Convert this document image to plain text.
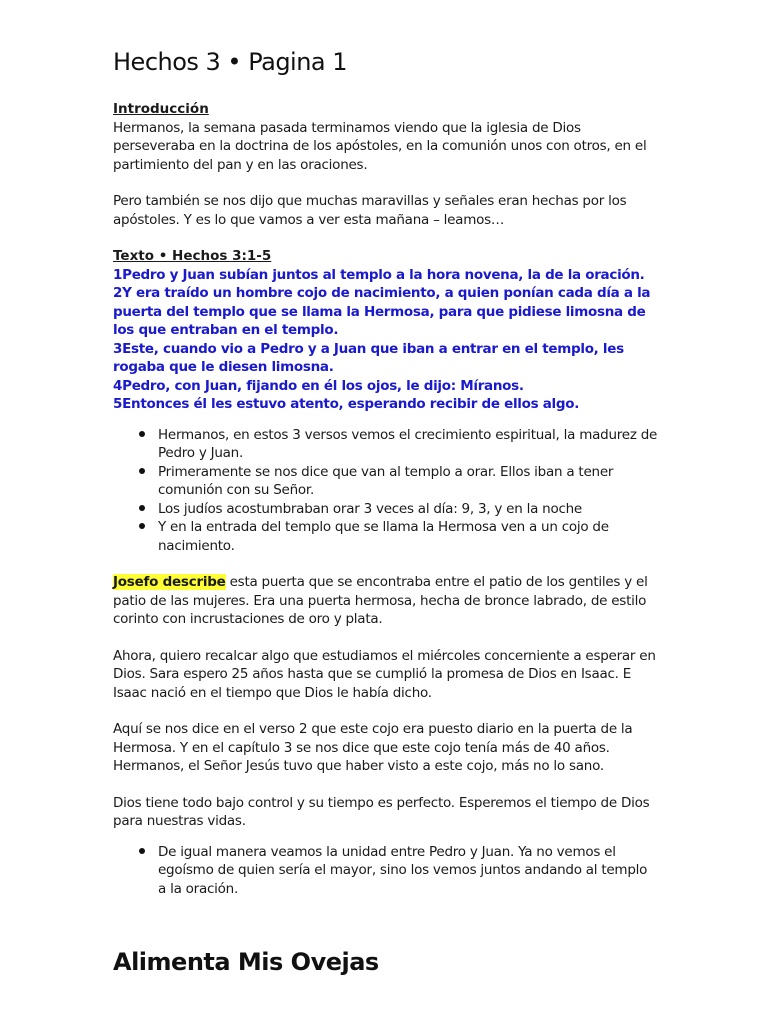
Hechos 3 • Pagina 1
Introducción

Hermanos, la semana pasada terminamos viendo que la iglesia de Dios perseveraba en la doctrina de los apóstoles, en la comunión unos con otros, en el partimiento del pan y en las oraciones.

Pero también se nos dijo que muchas maravillas y señales eran hechas por los apóstoles. Y es lo que vamos a ver esta mañana – leamos…

Texto • Hechos 3:1-5

1Pedro y Juan subían juntos al templo a la hora novena, la de la oración.

2Y era traído un hombre cojo de nacimiento, a quien ponían cada día a la puerta del templo que se llama la Hermosa, para que pidiese limosna de los que entraban en el templo.

3Este, cuando vio a Pedro y a Juan que iban a entrar en el templo, les rogaba que le diesen limosna.

4Pedro, con Juan, fijando en él los ojos, le dijo: Míranos.

5Entonces él les estuvo atento, esperando recibir de ellos algo.

Hermanos, en estos 3 versos vemos el crecimiento espiritual, la madurez de Pedro y Juan.
Primeramente se nos dice que van al templo a orar. Ellos iban a tener comunión con su Señor.
Los judíos acostumbraban orar 3 veces al día: 9, 3, y en la noche
Y en la entrada del templo que se llama la Hermosa ven a un cojo de nacimiento.

Josefo describe esta puerta que se encontraba entre el patio de los gentiles y el patio de las mujeres. Era una puerta hermosa, hecha de bronce labrado, de estilo corinto con incrustaciones de oro y plata.

Ahora, quiero recalcar algo que estudiamos el miércoles concerniente a esperar en Dios. Sara espero 25 años hasta que se cumplió la promesa de Dios en Isaac. E Isaac nació en el tiempo que Dios le había dicho.

Aquí se nos dice en el verso 2 que este cojo era puesto diario en la puerta de la Hermosa. Y en el capítulo 3 se nos dice que este cojo tenía más de 40 años. Hermanos, el Señor Jesús tuvo que haber visto a este cojo, más no lo sano.

Dios tiene todo bajo control y su tiempo es perfecto. Esperemos el tiempo de Dios para nuestras vidas.

De igual manera veamos la unidad entre Pedro y Juan. Ya no vemos el egoísmo de quien sería el mayor, sino los vemos juntos andando al templo a la oración.
Alimenta Mis Ovejas
